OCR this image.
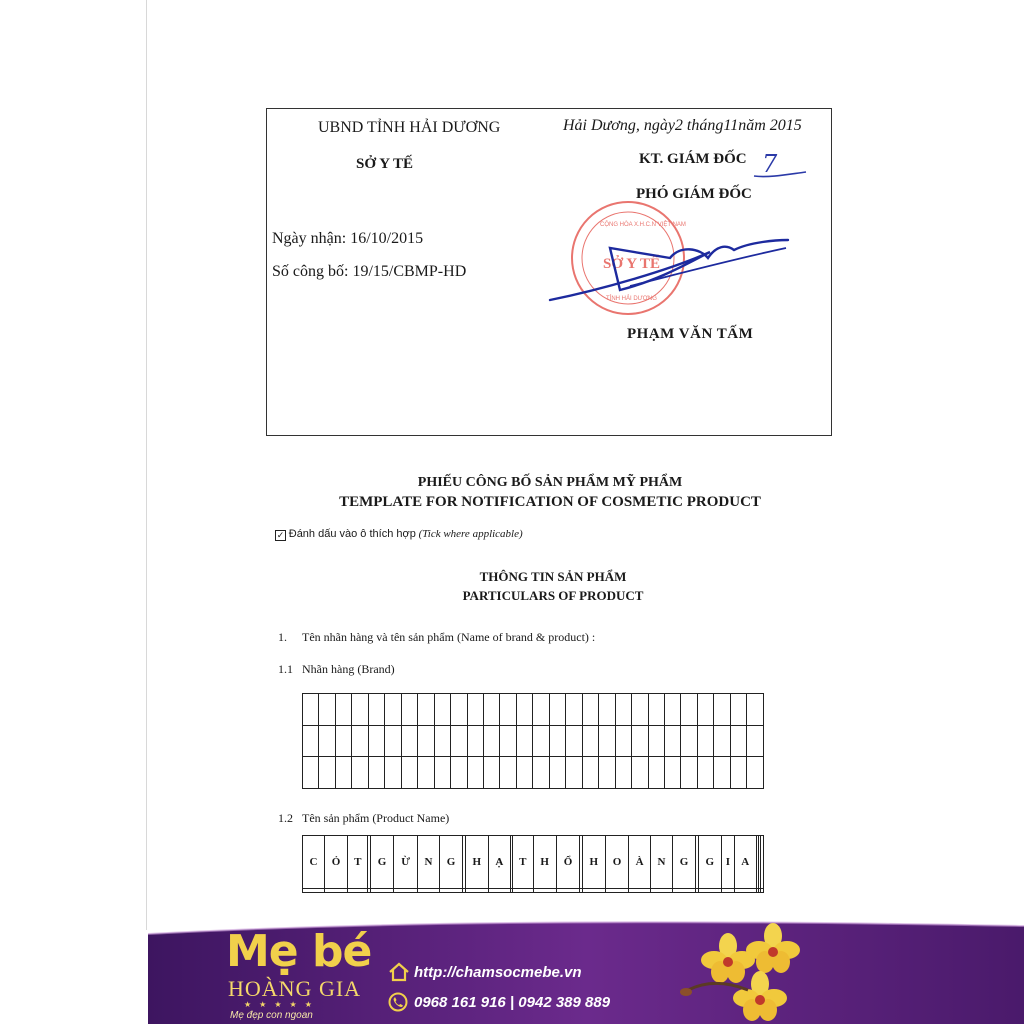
UBND TỈNH HẢI DƯƠNG
SỞ Y TẾ
Hải Dương, ngày2 tháng11năm 2015
KT. GIÁM ĐỐC
PHÓ GIÁM ĐỐC
Ngày nhận: 16/10/2015
Số công bố: 19/15/CBMP-HD
PHẠM VĂN TẤM
7
SỞ Y TẾ
CỘNG HÒA X.H.C.N VIỆT NAM
TỈNH HẢI DƯƠNG
PHIẾU CÔNG BỐ SẢN PHẨM MỸ PHẨM
TEMPLATE FOR NOTIFICATION OF COSMETIC PRODUCT
✓ Đánh dấu vào ô thích hợp (Tick where applicable)
THÔNG TIN SẢN PHẨM
PARTICULARS OF PRODUCT
1. Tên nhãn hàng và tên sản phẩm (Name of brand & product) :
1.1 Nhãn hàng (Brand)

1.2 Tên sản phẩm (Product Name)
C	Ỏ	T		G	Ừ	N	G		H	Ạ		T	H	Ổ		H	O	À	N	G		G	I	A			

Mẹ bé
HOÀNG GIA
★ ★ ★ ★ ★
Mẹ đẹp con ngoan
http://chamsocmebe.vn
0968 161 916 | 0942 389 889
